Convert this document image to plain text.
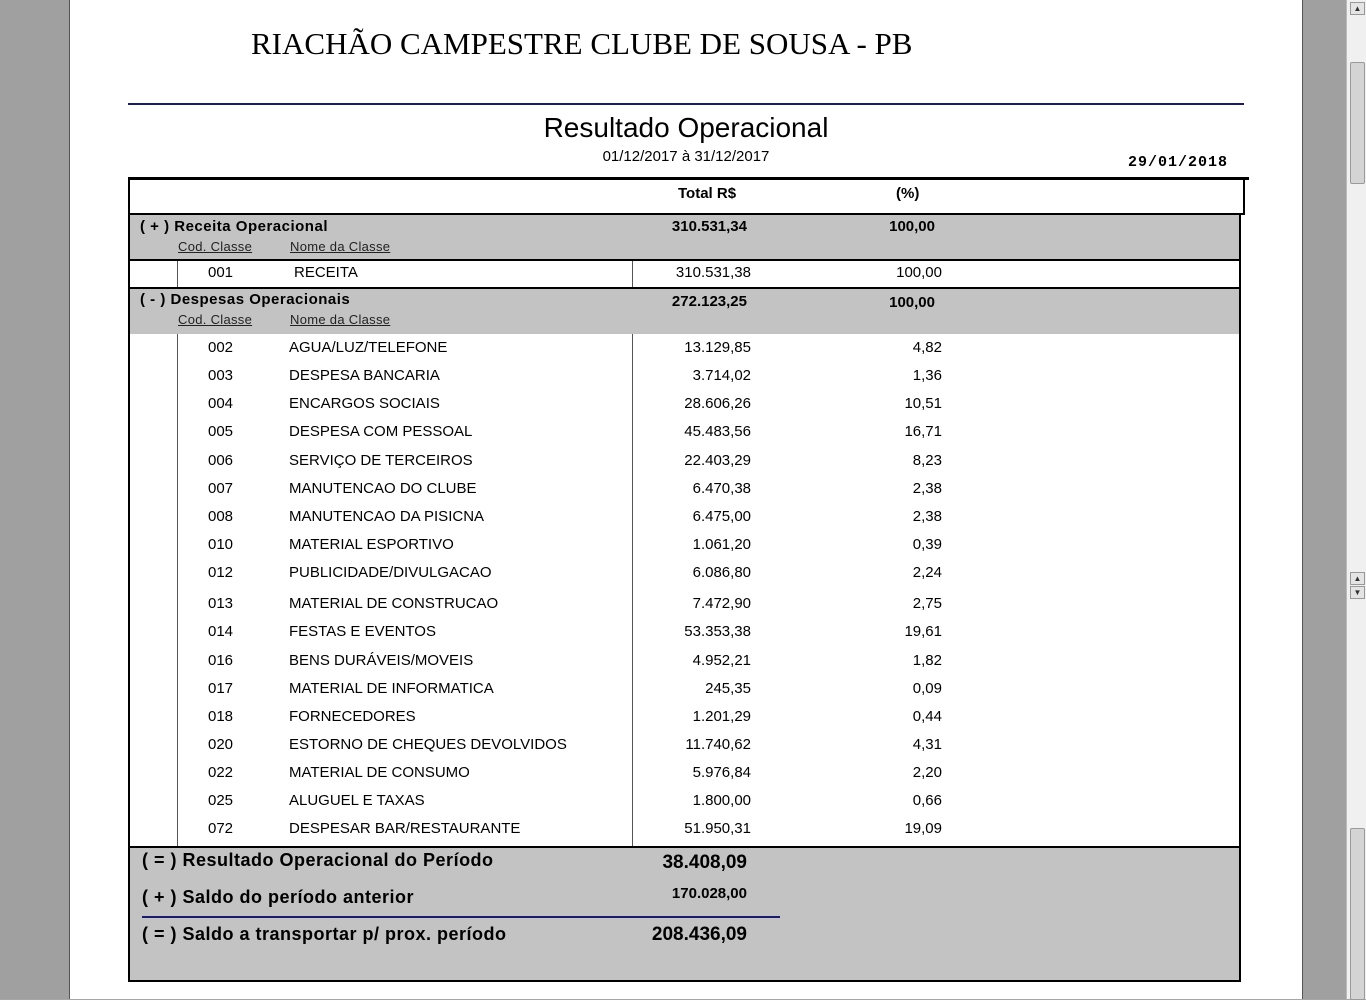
RIACHÃO CAMPESTRE CLUBE DE SOUSA - PB
Resultado Operacional
01/12/2017 à 31/12/2017	29/01/2018
Total R$	(%)
( + ) Receita Operacional	310.531,34	100,00
Cod. Classe	Nome da Classe
001	RECEITA	310.531,38	100,00
( - ) Despesas Operacionais	272.123,25	100,00
Cod. Classe	Nome da Classe
002	AGUA/LUZ/TELEFONE	13.129,85	4,82
003	DESPESA BANCARIA	3.714,02	1,36
004	ENCARGOS SOCIAIS	28.606,26	10,51
005	DESPESA COM PESSOAL	45.483,56	16,71
006	SERVIÇO DE TERCEIROS	22.403,29	8,23
007	MANUTENCAO DO CLUBE	6.470,38	2,38
008	MANUTENCAO DA PISICNA	6.475,00	2,38
010	MATERIAL ESPORTIVO	1.061,20	0,39
012	PUBLICIDADE/DIVULGACAO	6.086,80	2,24
013	MATERIAL DE CONSTRUCAO	7.472,90	2,75
014	FESTAS E EVENTOS	53.353,38	19,61
016	BENS DURÁVEIS/MOVEIS	4.952,21	1,82
017	MATERIAL DE INFORMATICA	245,35	0,09
018	FORNECEDORES	1.201,29	0,44
020	ESTORNO DE CHEQUES DEVOLVIDOS	11.740,62	4,31
022	MATERIAL DE CONSUMO	5.976,84	2,20
025	ALUGUEL E TAXAS	1.800,00	0,66
072	DESPESAR BAR/RESTAURANTE	51.950,31	19,09
( = ) Resultado Operacional do Período	38.408,09
( + ) Saldo do período anterior	170.028,00
( = ) Saldo a transportar p/ prox. período	208.436,09
▲
▲
▼
